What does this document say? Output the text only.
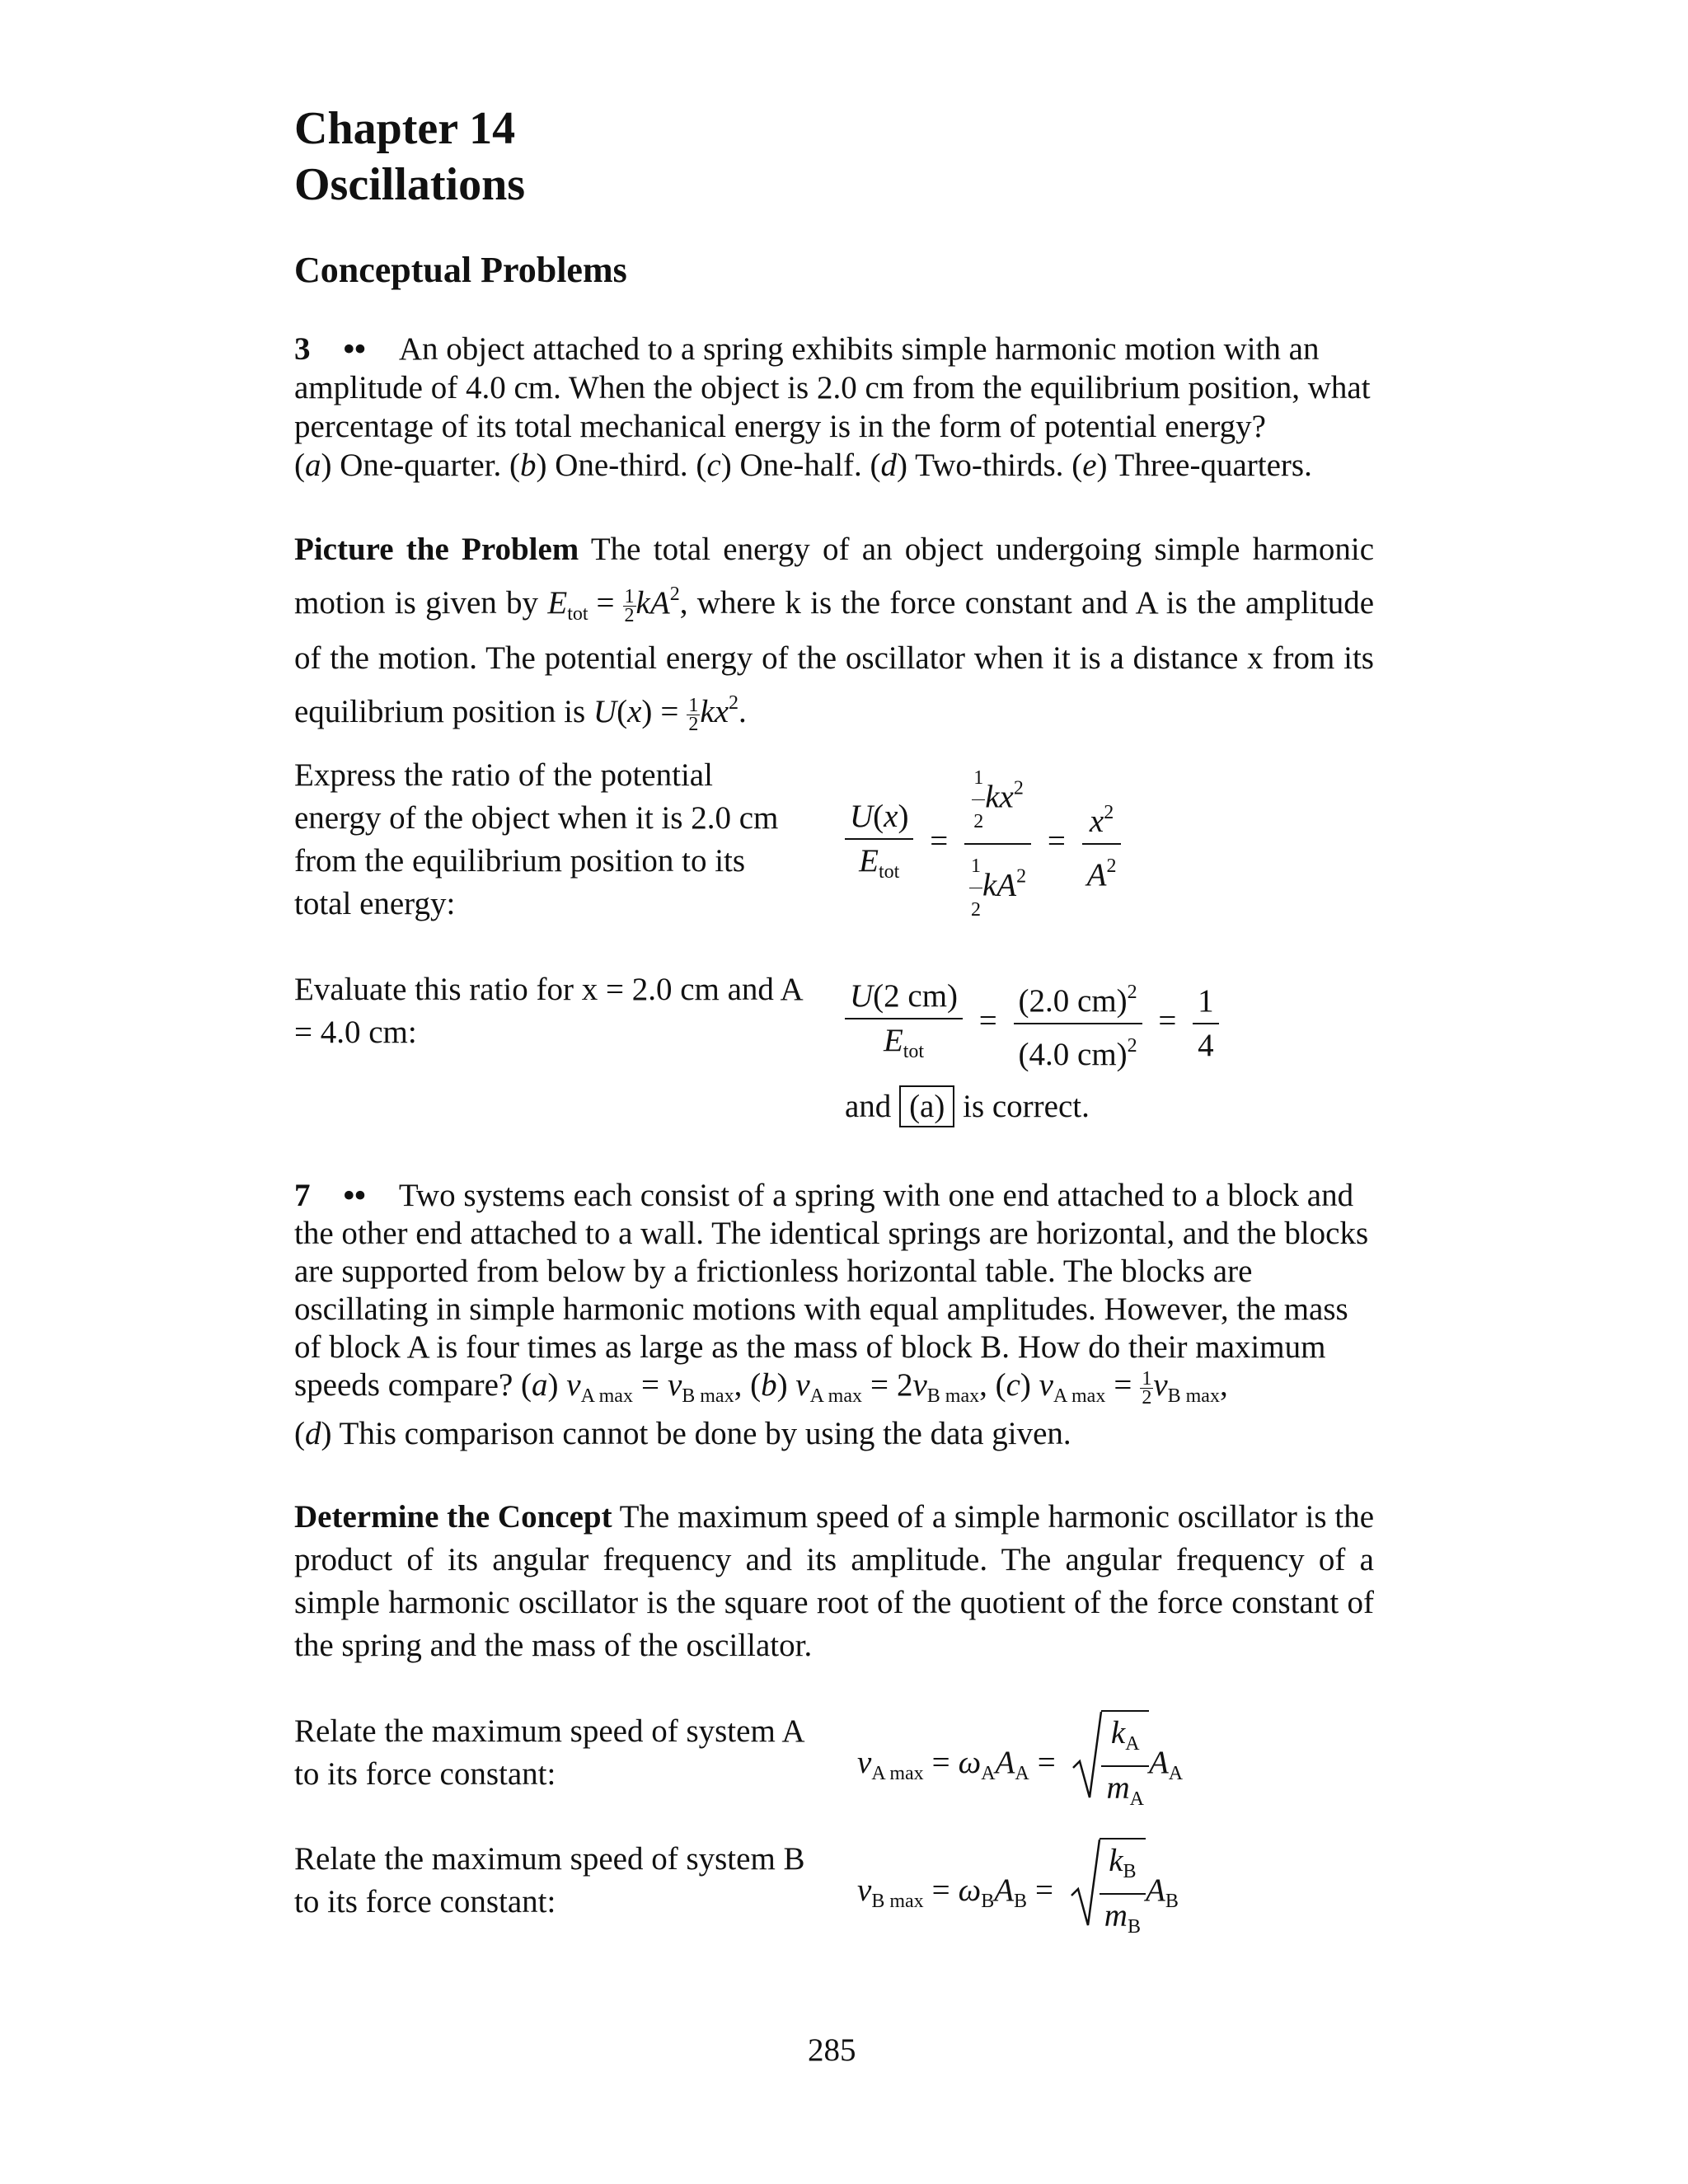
Chapter 14
Oscillations
Conceptual Problems
3 •• An object attached to a spring exhibits simple harmonic motion with an amplitude of 4.0 cm. When the object is 2.0 cm from the equilibrium position, what percentage of its total mechanical energy is in the form of potential energy?
(a) One-quarter. (b) One-third. (c) One-half. (d) Two-thirds. (e) Three-quarters.
Picture the Problem The total energy of an object undergoing simple harmonic motion is given by $E_{tot} = \frac{1}{2} kA^2$, where k is the force constant and A is the amplitude of the motion. The potential energy of the oscillator when it is a distance x from its equilibrium position is $U(x) = \frac{1}{2} kx^2$.
Express the ratio of the potential energy of the object when it is 2.0 cm from the equilibrium position to its total energy:
$\frac{U(x)}{E_{tot}} = \frac{\frac{1}{2} kx^2}{\frac{1}{2} kA^2} = \frac{x^2}{A^2}$
Evaluate this ratio for x = 2.0 cm and A = 4.0 cm:	$\frac{U(2 cm)}{E_{tot}} = \frac{(2.0 cm)^2}{(4.0 cm)^2} = \frac{1}{4}$
and (a) is correct.
7 •• Two systems each consist of a spring with one end attached to a block and the other end attached to a wall. The identical springs are horizontal, and the blocks are supported from below by a frictionless horizontal table. The blocks are oscillating in simple harmonic motions with equal amplitudes. However, the mass of block A is four times as large as the mass of block B. How do their maximum speeds compare? (a) $v_{A max} = v_{B max}$, (b) $v_{A max} = 2v_{B max}$, (c) $v_{A max} = \frac{1}{2} v_{B max}$,
(d) This comparison cannot be done by using the data given.
Determine the Concept The maximum speed of a simple harmonic oscillator is the product of its angular frequency and its amplitude. The angular frequency of a simple harmonic oscillator is the square root of the quotient of the force constant of the spring and the mass of the oscillator.
Relate the maximum speed of system A to its force constant:	$v_{A max} = \omega_AA_A = \frac{k_A}{m_A} A_A$
Relate the maximum speed of system B to its force constant:	$v_{B max} = \omega_BA_B = \frac{k_B}{m_B} A_B$
285
